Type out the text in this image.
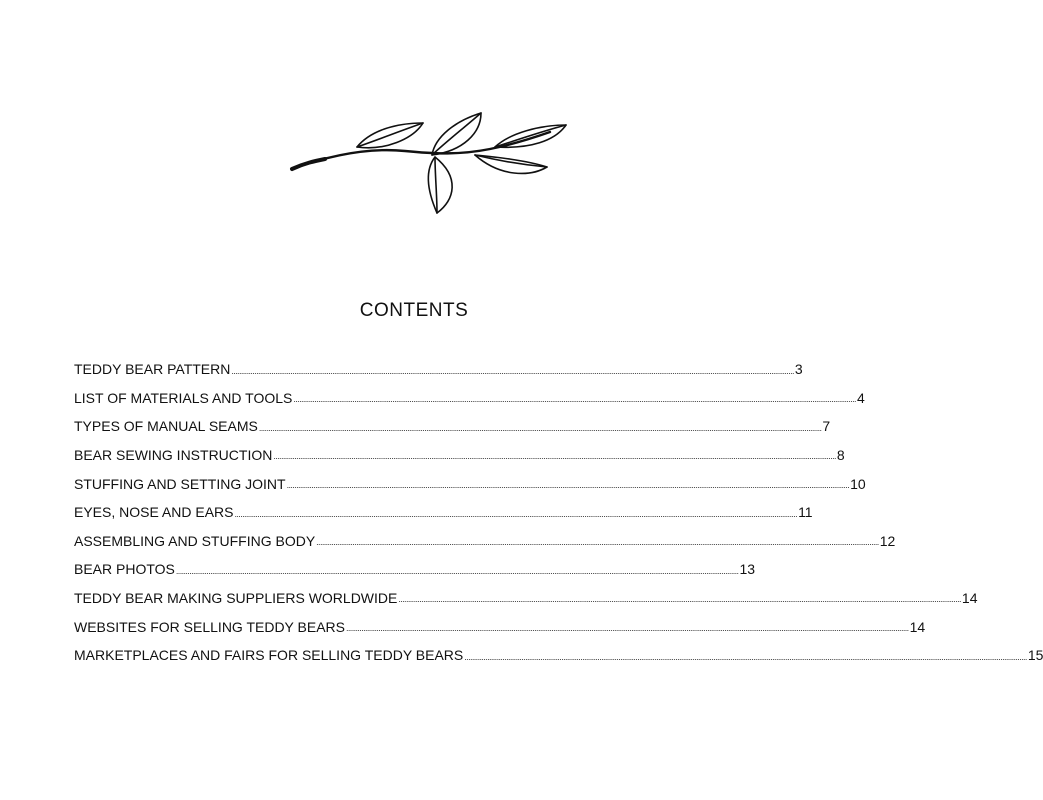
CONTENTS
TEDDY BEAR PATTERN ........................................................................................................................................................................................................................................................................................................ 3
LIST OF MATERIALS AND TOOLS ........................................................................................................................................................................................................................................................................................................ 4
TYPES OF MANUAL SEAMS ........................................................................................................................................................................................................................................................................................................ 7
BEAR SEWING INSTRUCTION ........................................................................................................................................................................................................................................................................................................ 8
STUFFING AND SETTING JOINT ........................................................................................................................................................................................................................................................................................................ 10
EYES, NOSE AND EARS ........................................................................................................................................................................................................................................................................................................ 11
ASSEMBLING AND STUFFING BODY ........................................................................................................................................................................................................................................................................................................ 12
BEAR PHOTOS ........................................................................................................................................................................................................................................................................................................ 13
TEDDY BEAR MAKING SUPPLIERS WORLDWIDE ........................................................................................................................................................................................................................................................................................................ 14
WEBSITES FOR SELLING TEDDY BEARS ........................................................................................................................................................................................................................................................................................................ 14
MARKETPLACES AND FAIRS FOR SELLING TEDDY BEARS ........................................................................................................................................................................................................................................................................................................ 15
